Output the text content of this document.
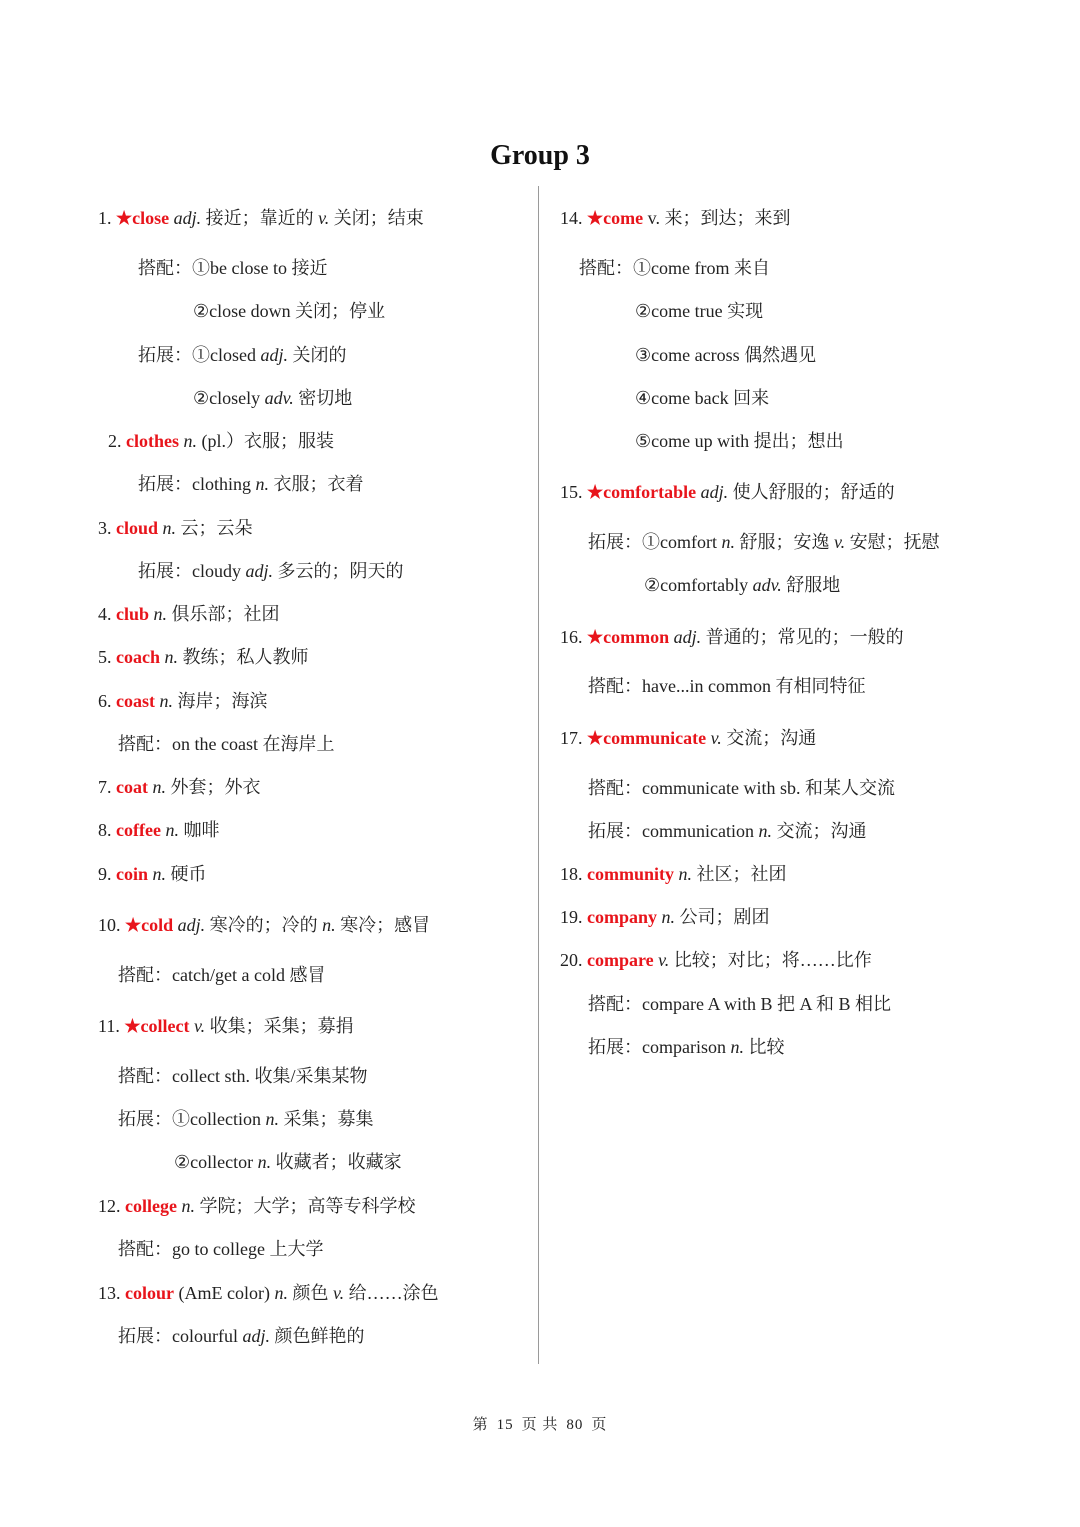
Group 3
1. ★close adj. 接近；靠近的 v. 关闭；结束
搭配：①be close to 接近
②close down 关闭；停业
拓展：①closed adj. 关闭的
②closely adv. 密切地
2. clothes n. (pl.）衣服；服装
拓展：clothing n. 衣服；衣着
3. cloud n. 云；云朵
拓展：cloudy adj. 多云的；阴天的
4. club n. 俱乐部；社团
5. coach n. 教练；私人教师
6. coast n. 海岸；海滨
搭配：on the coast 在海岸上
7. coat n. 外套；外衣
8. coffee n. 咖啡
9. coin n. 硬币
10. ★cold adj. 寒冷的；冷的 n. 寒冷；感冒
搭配：catch/get a cold 感冒
11. ★collect v. 收集；采集；募捐
搭配：collect sth. 收集/采集某物
拓展：①collection n. 采集；募集
②collector n. 收藏者；收藏家
12. college n. 学院；大学；高等专科学校
搭配：go to college 上大学
13. colour (AmE color) n. 颜色 v. 给……涂色
拓展：colourful adj. 颜色鲜艳的
14. ★come v. 来；到达；来到
搭配：①come from 来自
②come true 实现
③come across 偶然遇见
④come back 回来
⑤come up with 提出；想出
15. ★comfortable adj. 使人舒服的；舒适的
拓展：①comfort n. 舒服；安逸 v. 安慰；抚慰
②comfortably adv. 舒服地
16. ★common adj. 普通的；常见的；一般的
搭配：have...in common 有相同特征
17. ★communicate v. 交流；沟通
搭配：communicate with sb. 和某人交流
拓展：communication n. 交流；沟通
18. community n. 社区；社团
19. company n. 公司；剧团
20. compare v. 比较；对比；将……比作
搭配：compare A with B 把 A 和 B 相比
拓展：comparison n. 比较
第 15 页 共 80 页
